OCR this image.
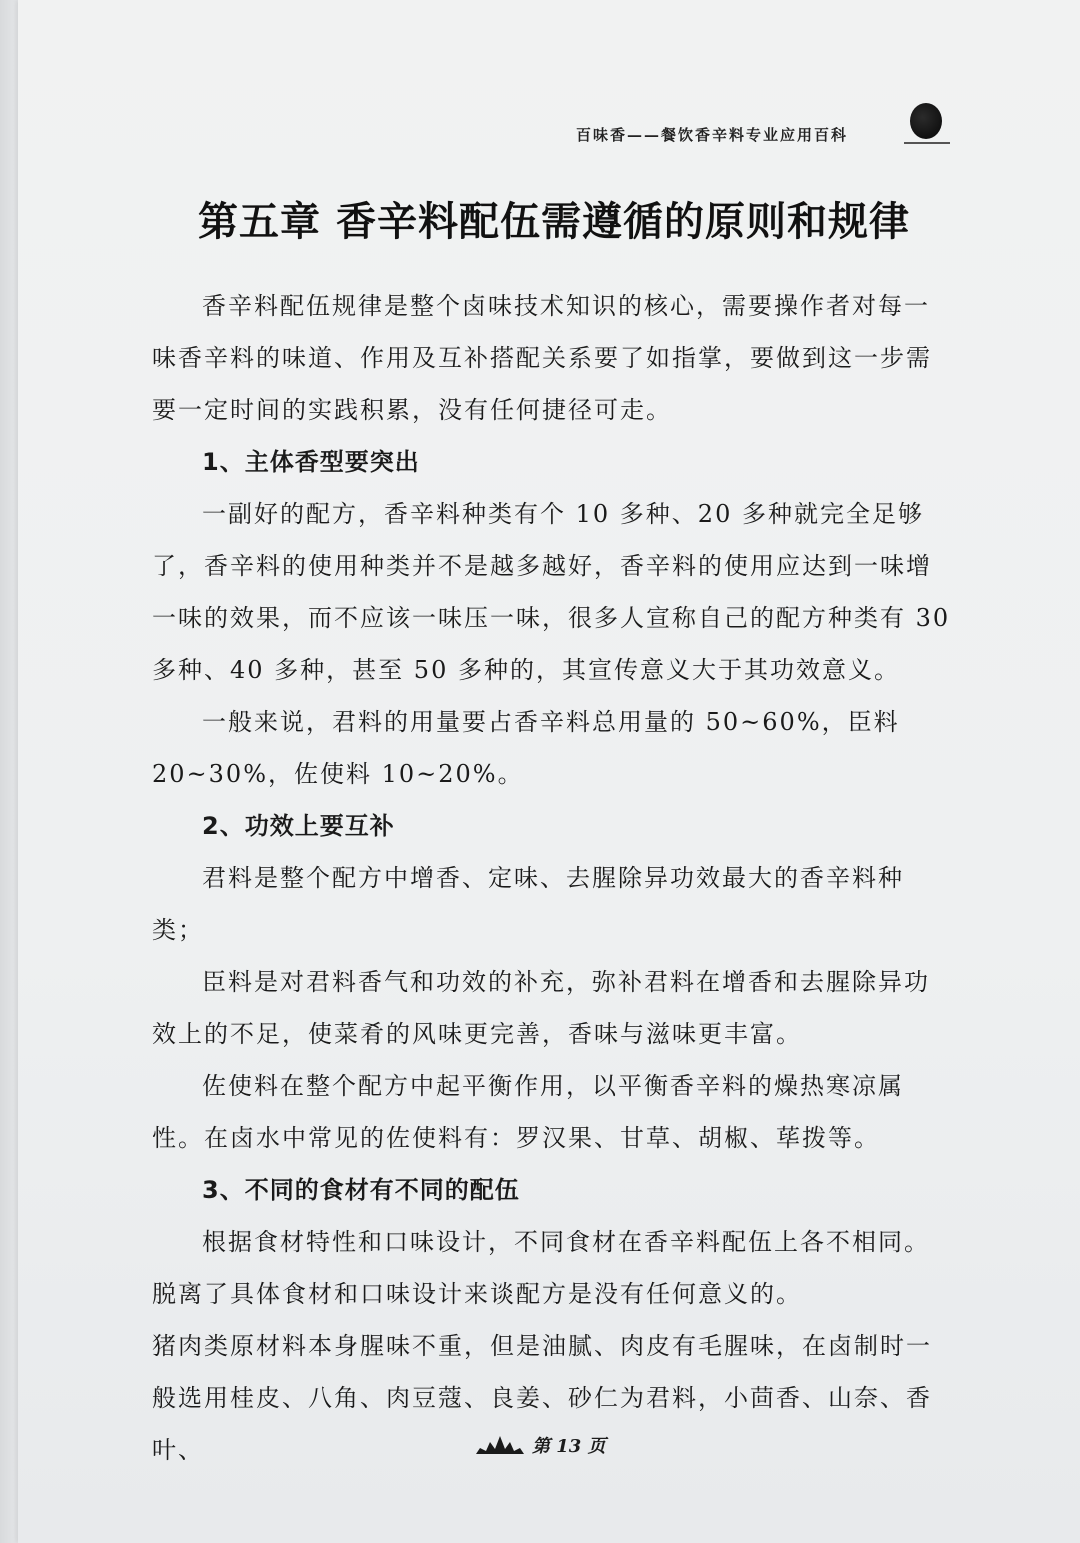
百味香——餐饮香辛料专业应用百科
第五章 香辛料配伍需遵循的原则和规律

香辛料配伍规律是整个卤味技术知识的核心，需要操作者对每一味香辛料的味道、作用及互补搭配关系要了如指掌，要做到这一步需要一定时间的实践积累，没有任何捷径可走。

1、主体香型要突出

一副好的配方，香辛料种类有个 10 多种、20 多种就完全足够了，香辛料的使用种类并不是越多越好，香辛料的使用应达到一味增一味的效果，而不应该一味压一味，很多人宣称自己的配方种类有 30 多种、40 多种，甚至 50 多种的，其宣传意义大于其功效意义。

一般来说，君料的用量要占香辛料总用量的 50~60%，臣料 20~30%，佐使料 10~20%。

2、功效上要互补

君料是整个配方中增香、定味、去腥除异功效最大的香辛料种类；

臣料是对君料香气和功效的补充，弥补君料在增香和去腥除异功效上的不足，使菜肴的风味更完善，香味与滋味更丰富。

佐使料在整个配方中起平衡作用，以平衡香辛料的燥热寒凉属性。在卤水中常见的佐使料有：罗汉果、甘草、胡椒、荜拨等。

3、不同的食材有不同的配伍

根据食材特性和口味设计，不同食材在香辛料配伍上各不相同。脱离了具体食材和口味设计来谈配方是没有任何意义的。

猪肉类原材料本身腥味不重，但是油腻、肉皮有毛腥味，在卤制时一般选用桂皮、八角、肉豆蔻、良姜、砂仁为君料，小茴香、山奈、香叶、	第 13 页
